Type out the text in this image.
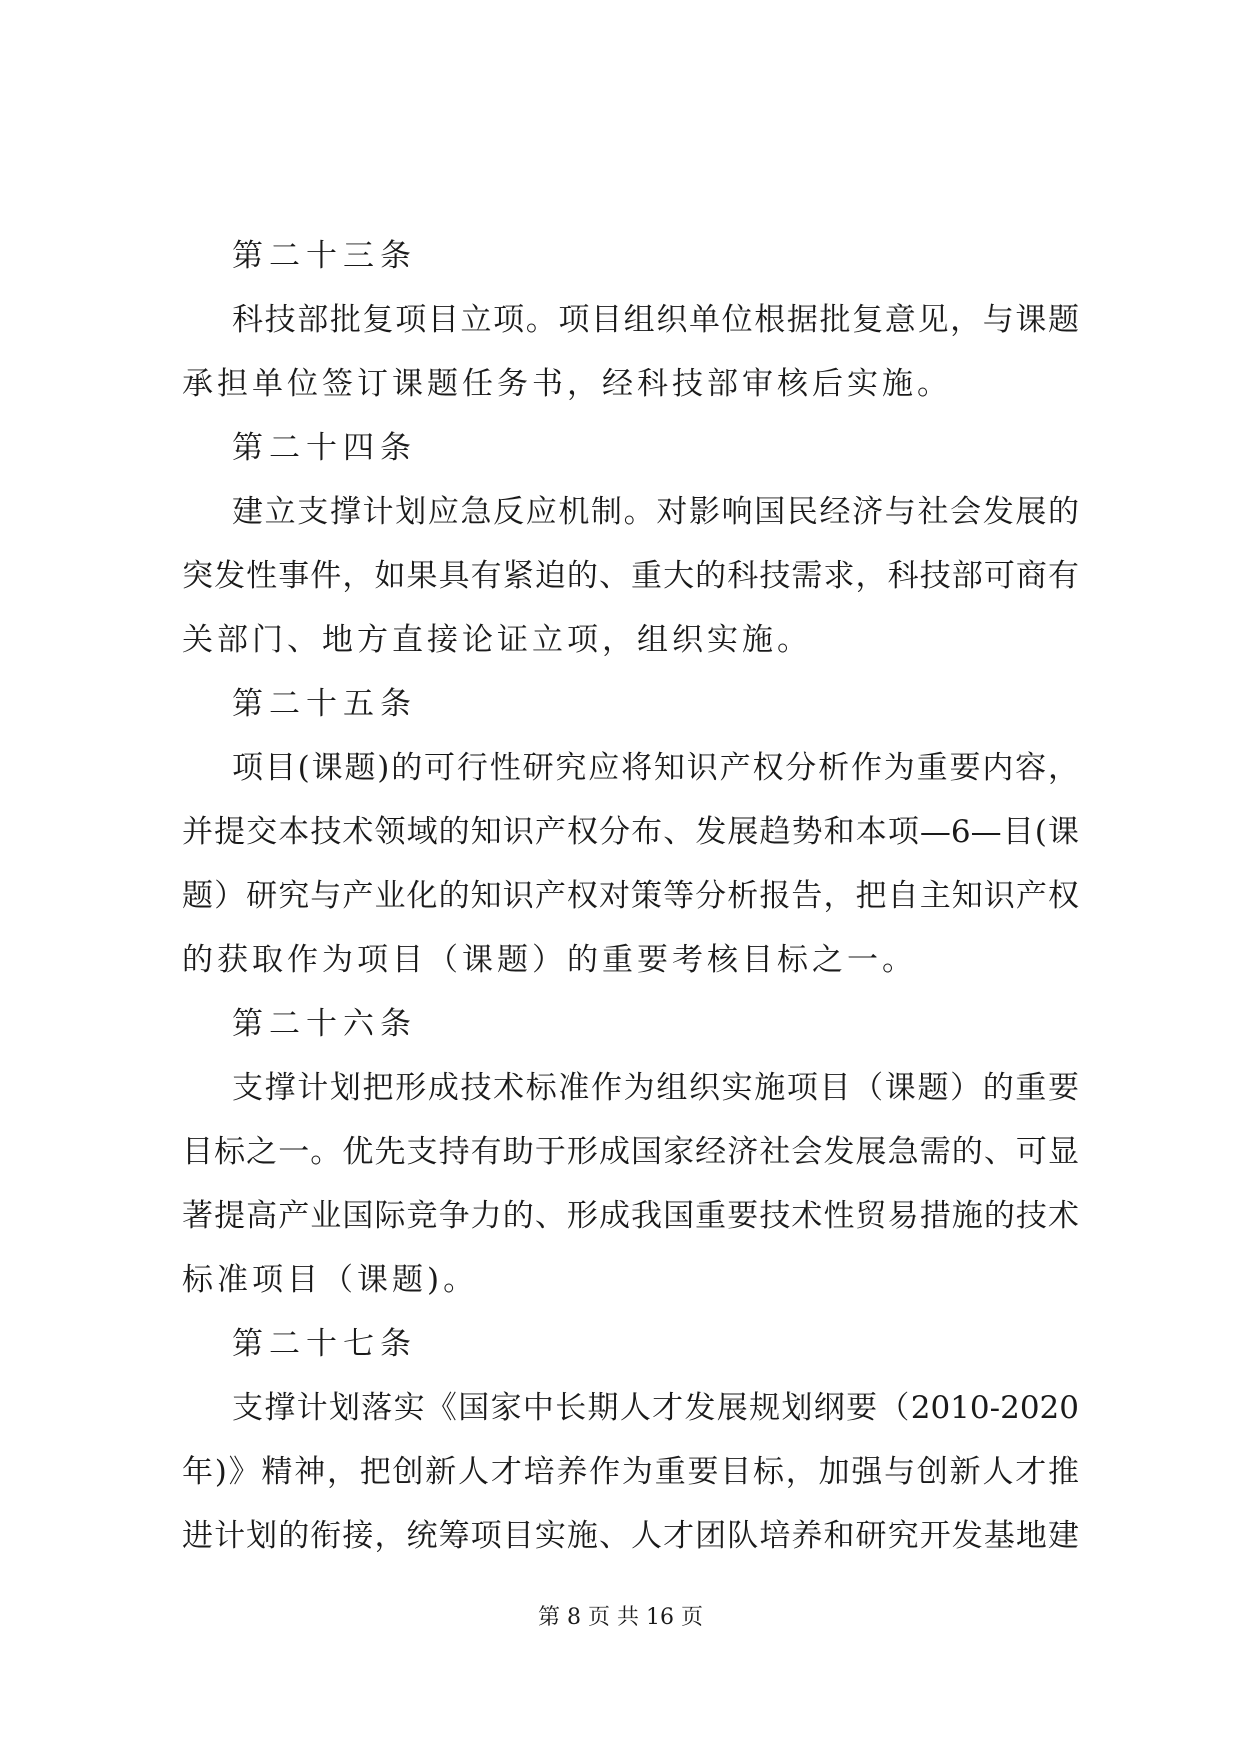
第二十三条
科技部批复项目立项。项目组织单位根据批复意见，与课题
承担单位签订课题任务书，经科技部审核后实施。
第二十四条
建立支撑计划应急反应机制。对影响国民经济与社会发展的
突发性事件，如果具有紧迫的、重大的科技需求，科技部可商有
关部门、地方直接论证立项，组织实施。
第二十五条
项目(课题)的可行性研究应将知识产权分析作为重要内容，
并提交本技术领域的知识产权分布、发展趋势和本项—6—目(课
题）研究与产业化的知识产权对策等分析报告，把自主知识产权
的获取作为项目（课题）的重要考核目标之一。
第二十六条
支撑计划把形成技术标准作为组织实施项目（课题）的重要
目标之一。优先支持有助于形成国家经济社会发展急需的、可显
著提高产业国际竞争力的、形成我国重要技术性贸易措施的技术
标准项目（课题)。
第二十七条
支撑计划落实《国家中长期人才发展规划纲要（2010-2020
年)》精神，把创新人才培养作为重要目标，加强与创新人才推
进计划的衔接，统筹项目实施、人才团队培养和研究开发基地建
第 8 页 共 16 页
